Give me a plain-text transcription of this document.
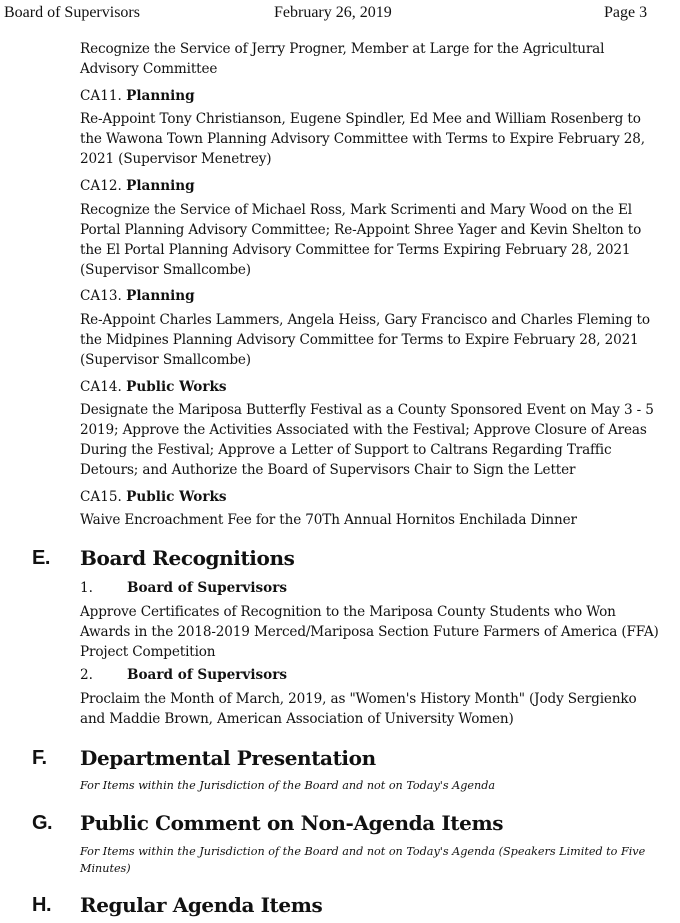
Board of Supervisors	February 26, 2019	Page 3
Recognize the Service of Jerry Progner, Member at Large for the Agricultural Advisory Committee
CA11. Planning
Re-Appoint Tony Christianson, Eugene Spindler, Ed Mee and William Rosenberg to the Wawona Town Planning Advisory Committee with Terms to Expire February 28, 2021 (Supervisor Menetrey)
CA12. Planning
Recognize the Service of Michael Ross, Mark Scrimenti and Mary Wood on the El Portal Planning Advisory Committee; Re-Appoint Shree Yager and Kevin Shelton to the El Portal Planning Advisory Committee for Terms Expiring February 28, 2021 (Supervisor Smallcombe)
CA13. Planning
Re-Appoint Charles Lammers, Angela Heiss, Gary Francisco and Charles Fleming to the Midpines Planning Advisory Committee for Terms to Expire February 28, 2021 (Supervisor Smallcombe)
CA14. Public Works
Designate the Mariposa Butterfly Festival as a County Sponsored Event on May 3 - 5 2019; Approve the Activities Associated with the Festival; Approve Closure of Areas During the Festival; Approve a Letter of Support to Caltrans Regarding Traffic Detours; and Authorize the Board of Supervisors Chair to Sign the Letter
CA15. Public Works
Waive Encroachment Fee for the 70Th Annual Hornitos Enchilada Dinner
E. Board Recognitions
1.	Board of Supervisors
Approve Certificates of Recognition to the Mariposa County Students who Won Awards in the 2018-2019 Merced/Mariposa Section Future Farmers of America (FFA) Project Competition
2.	Board of Supervisors
Proclaim the Month of March, 2019, as "Women's History Month" (Jody Sergienko and Maddie Brown, American Association of University Women)
F. Departmental Presentation
For Items within the Jurisdiction of the Board and not on Today's Agenda
G. Public Comment on Non-Agenda Items
For Items within the Jurisdiction of the Board and not on Today's Agenda (Speakers Limited to Five Minutes)
H. Regular Agenda Items
